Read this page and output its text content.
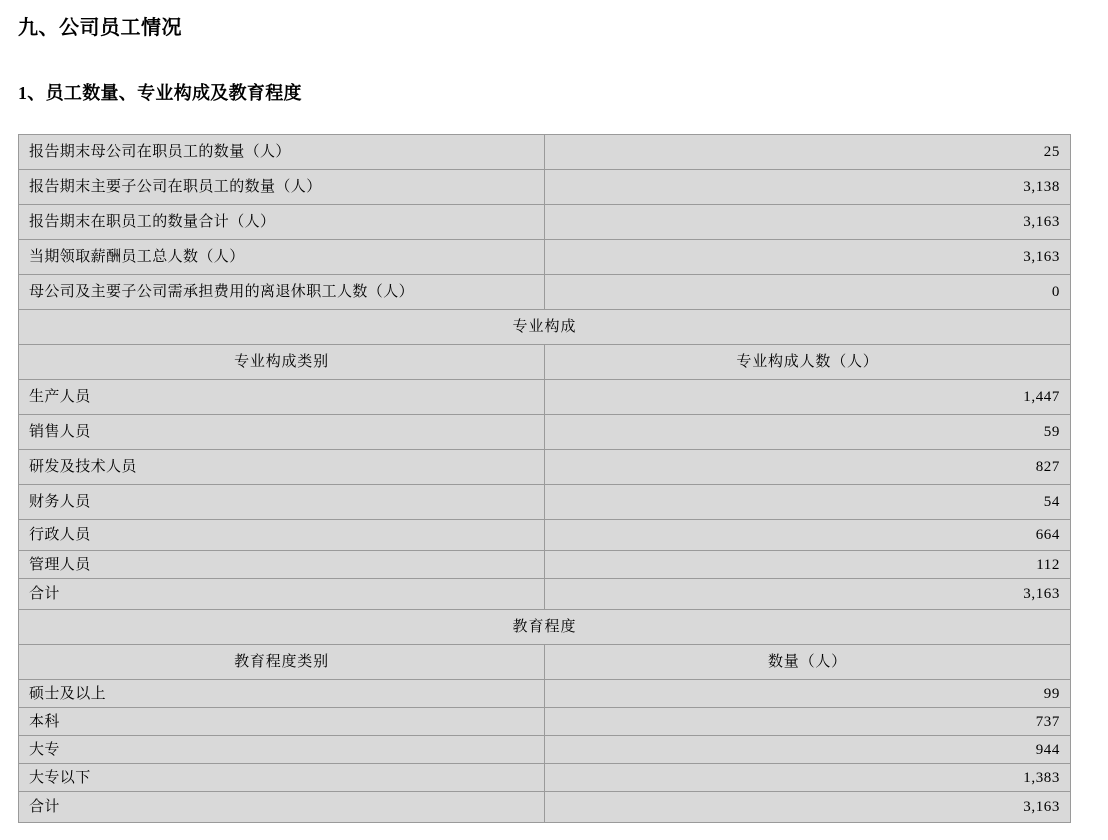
九、公司员工情况
1、员工数量、专业构成及教育程度
报告期末母公司在职员工的数量（人）	25
报告期末主要子公司在职员工的数量（人）	3,138
报告期末在职员工的数量合计（人）	3,163
当期领取薪酬员工总人数（人）	3,163
母公司及主要子公司需承担费用的离退休职工人数（人）	0
专业构成	
专业构成类别	专业构成人数（人）
生产人员	1,447
销售人员	59
研发及技术人员	827
财务人员	54
行政人员	664
管理人员	112
合计	3,163
教育程度	
教育程度类别	数量（人）
硕士及以上	99
本科	737
大专	944
大专以下	1,383
合计	3,163
